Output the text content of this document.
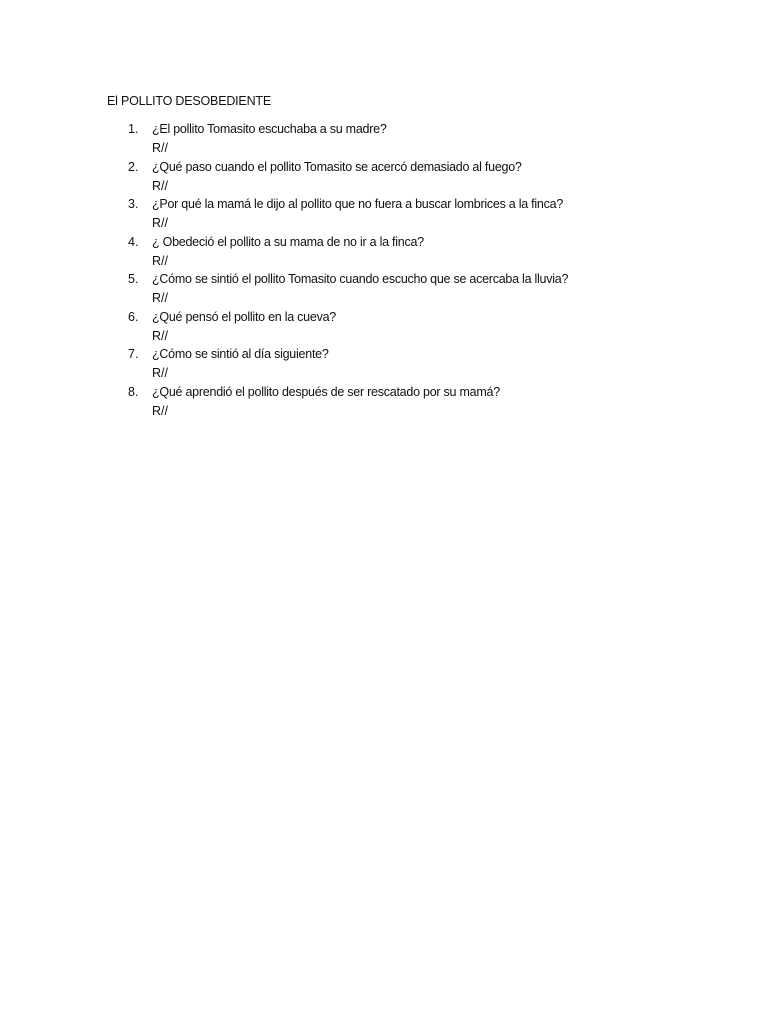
El POLLITO DESOBEDIENTE
1. ¿El pollito Tomasito escuchaba a su madre?
R//
2. ¿Qué paso cuando el pollito Tomasito se acercó demasiado al fuego?
R//
3. ¿Por qué la mamá le dijo al pollito que no fuera a buscar lombrices a la finca?
R//
4. ¿ Obedeció el pollito a su mama de no ir a la finca?
R//
5. ¿Cómo se sintió el pollito Tomasito cuando escucho que se acercaba la lluvia?
R//
6. ¿Qué pensó el pollito en la cueva?
R//
7. ¿Cómo se sintió al día siguiente?
R//
8. ¿Qué aprendió el pollito después de ser rescatado por su mamá?
R//
